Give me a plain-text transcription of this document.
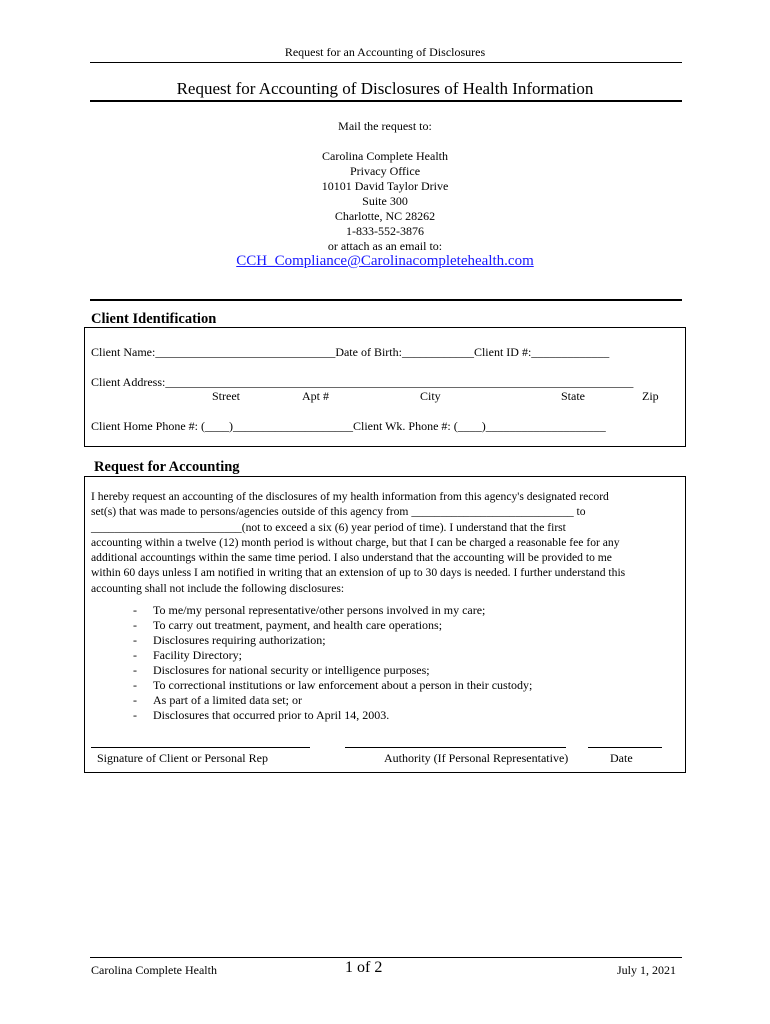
Request for an Accounting of Disclosures
Request for Accounting of Disclosures of Health Information
Mail the request to:
Carolina Complete Health
Privacy Office
10101 David Taylor Drive
Suite 300
Charlotte, NC 28262
1-833-552-3876
or attach as an email to:
CCH_Compliance@Carolinacompletehealth.com
Client Identification
Client Name:______________________________Date of Birth:____________Client ID #:_____________
Client Address:______________________________________________________________________________
Street	Apt #	City	State	Zip
Client Home Phone #: (____)____________________Client Wk. Phone #: (____)____________________
Request for Accounting
I hereby request an accounting of the disclosures of my health information from this agency's designated record
set(s) that was made to persons/agencies outside of this agency from ____________________________ to
__________________________(not to exceed a six (6) year period of time). I understand that the first
accounting within a twelve (12) month period is without charge, but that I can be charged a reasonable fee for any
additional accountings within the same time period. I also understand that the accounting will be provided to me
within 60 days unless I am notified in writing that an extension of up to 30 days is needed. I further understand this
accounting shall not include the following disclosures:
- To me/my personal representative/other persons involved in my care;
- To carry out treatment, payment, and health care operations;
- Disclosures requiring authorization;
- Facility Directory;
- Disclosures for national security or intelligence purposes;
- To correctional institutions or law enforcement about a person in their custody;
- As part of a limited data set; or
- Disclosures that occurred prior to April 14, 2003.
Signature of Client or Personal Rep	Authority (If Personal Representative)	Date
Carolina Complete Health	1 of 2	July 1, 2021
